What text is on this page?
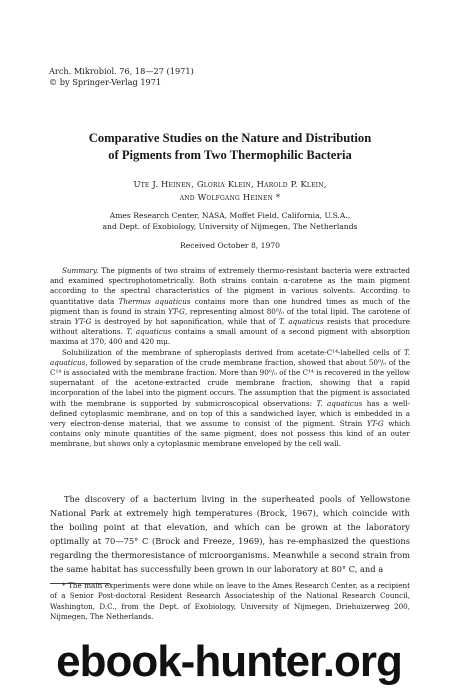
Arch. Mikrobiol. 76, 18—27 (1971)
© by Springer-Verlag 1971
Comparative Studies on the Nature and Distribution
of Pigments from Two Thermophilic Bacteria
Ute J. Heinen, Gloria Klein, Harold P. Klein,
and Wolfgang Heinen *
Ames Research Center, NASA, Moffet Field, California, U.S.A.,
and Dept. of Exobiology, University of Nijmegen, The Netherlands
Received October 8, 1970

Summary. The pigments of two strains of extremely thermo-resistant bacteria were extracted and examined spectrophotometrically. Both strains contain α-carotene as the main pigment according to the spectral characteristics of the pigment in various solvents. According to quantitative data Thermus aquaticus contains more than one hundred times as much of the pigment than is found in strain YT-G, representing almost 80⁰/₀ of the total lipid. The carotene of strain YT-G is destroyed by hot saponification, while that of T. aquaticus resists that procedure without alterations. T. aquaticus contains a small amount of a second pigment with absorption maxima at 370, 400 and 420 mμ.

Solubilization of the membrane of spheroplasts derived from acetate-C¹⁴-labelled cells of T. aquaticus, followed by separation of the crude membrane fraction, showed that about 50⁰/₀ of the C¹⁴ is associated with the membrane fraction. More than 90⁰/₀ of the C¹⁴ is recovered in the yellow supernatant of the acetone-extracted crude membrane fraction, showing that a rapid incorporation of the label into the pigment occurs. The assumption that the pigment is associated with the membrane is supported by submicroscopical observations: T. aquaticus has a well-defined cytoplasmic membrane, and on top of this a sandwiched layer, which is embedded in a very electron-dense material, that we assume to consist of the pigment. Strain YT-G which contains only minute quantities of the same pigment, does not possess this kind of an outer membrane, but shows only a cytoplasmic membrane enveloped by the cell wall.

The discovery of a bacterium living in the superheated pools of Yellowstone National Park at extremely high temperatures (Brock, 1967), which coincide with the boiling point at that elevation, and which can be grown at the laboratory optimally at 70—75° C (Brock and Freeze, 1969), has re-emphasized the questions regarding the thermoresistance of microorganisms. Meanwhile a second strain from the same habitat has successfully been grown in our laboratory at 80° C, and a

* The main experiments were done while on leave to the Ames Research Center, as a recipient of a Senior Post-doctoral Resident Research Associateship of the National Research Council, Washington, D.C., from the Dept. of Exobiology, University of Nijmegen, Driehuizerweg 200, Nijmegen, The Netherlands.

ebook-hunter.org
